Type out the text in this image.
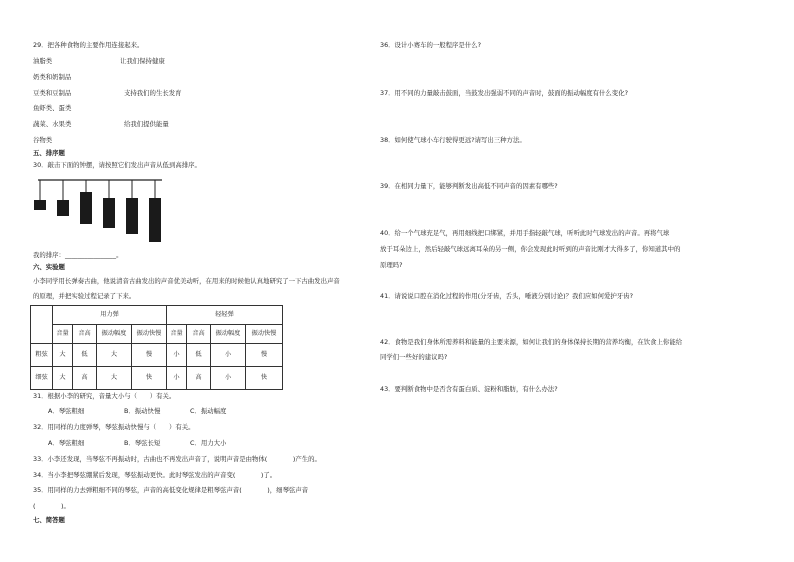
29．把各种食物的主要作用连接起来。
油脂类	让我们保持健康
奶类和奶制品
豆类和豆制品	支持我们的生长发育
鱼虾类、蛋类
蔬菜、水果类	给我们提供能量
谷物类
五、排序题
30．敲击下面的钟摆，请按照它们发出声音从低到高排序。
我的排序：________________。
六、实验题
小李同学用长弹奏古曲，他说清音古曲发出的声音优美动听，在用来的时候他认真地研究了一下古曲发出声音
的原理，并把实验过程记录了下来。
	用力弹				轻轻弹			
	音量	音高	振动幅度	振动快慢	音量	音高	振动幅度	振动快慢
粗弦	大	低	大	慢	小	低	小	慢
细弦	大	高	大	快	小	高	小	快
31．根据小李的研究，音量大小与（　　）有关。
A．琴弦粗细	B．振动快慢	C．振动幅度
32．用同样的力度弹琴，琴弦振动快慢与（　　）有关。
A．琴弦粗细	B．琴弦长短	C．用力大小
33．小李还发现，当琴弦不再振动时，古曲也不再发出声音了，说明声音是由物体(　　　　)产生的。
34．当小李把琴弦绷紧后发现，琴弦振动更快。此时琴弦发出的声音变(　　　　)了。
35．用同样的力去弹粗细不同的琴弦，声音的高低变化规律是粗琴弦声音(　　　　)，细琴弦声音
(　　　　)。
七、简答题
36．设计小赛车的一般程序是什么?
37．用不同的力量敲击鼓面，当鼓发出强弱不同的声音时，鼓面的振动幅度有什么变化?
38．如何使气球小车行驶得更远?请写出三种方法。
39．在相同力量下，能够判断发出高低不同声音的因素有哪些?
40．给一个气球充足气，再用细线把口绑紧，并用手指轻敲气球，听听此时气球发出的声音。再将气球
放于耳朵边上，然后轻敲气球远离耳朵的另一侧，你会发现此时听到的声音比刚才大得多了，你知道其中的
原理吗?
41．请说说口腔在消化过程的作用(分牙齿，舌头，唾液分别讨论)？我们应如何爱护牙齿?
42．食物是我们身体所需养料和能量的主要来源，如何让我们的身体保持长期的营养均衡，在饮食上你能给
同学们一些好的建议吗?
43．要判断食物中是否含有蛋白质、淀粉和脂肪，有什么办法?
